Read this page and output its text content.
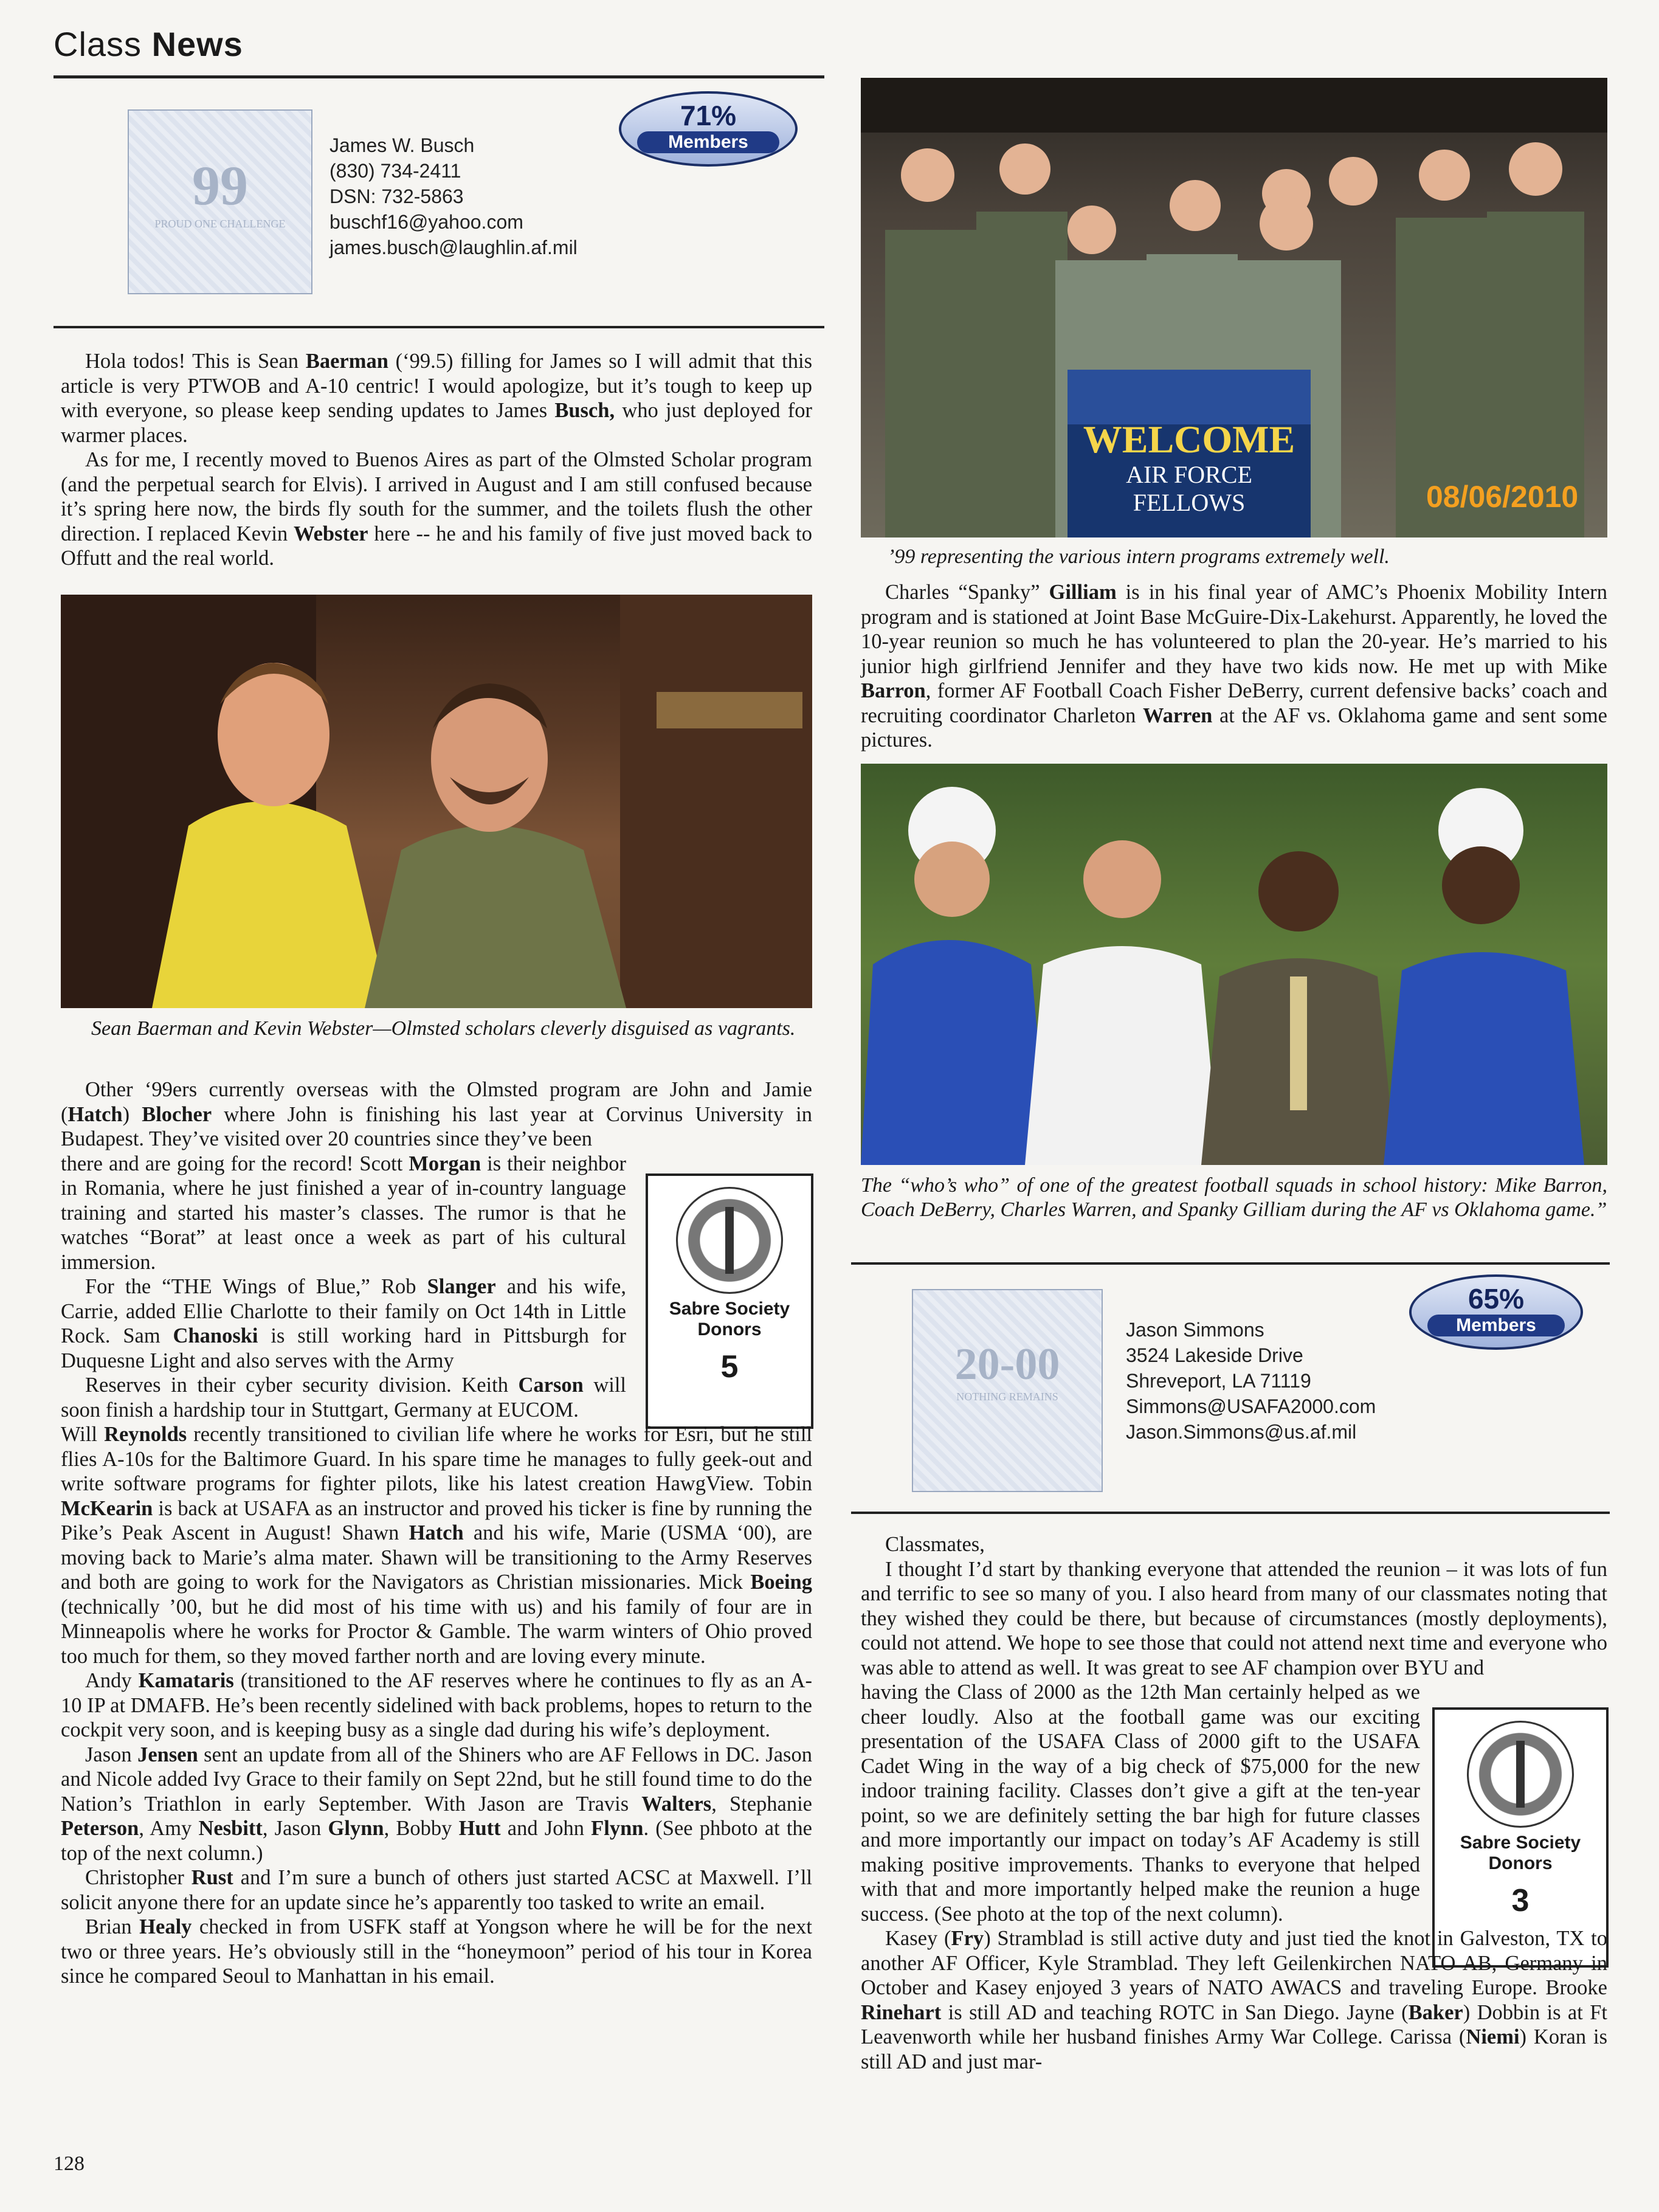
Class News
99
PROUD ONE CHALLENGE
James W. Busch
(830) 734-2411
DSN: 732-5863
buschf16@yahoo.com
james.busch@laughlin.af.mil
71%
Members

Hola todos! This is Sean Baerman (‘99.5) filling for James so I will admit that this article is very PTWOB and A-10 centric! I would apologize, but it’s tough to keep up with everyone, so please keep sending updates to James Busch, who just deployed for warmer places.

As for me, I recently moved to Buenos Aires as part of the Olmsted Scholar program (and the perpetual search for Elvis). I arrived in August and I am still confused because it’s spring here now, the birds fly south for the summer, and the toilets flush the other direction. I replaced Kevin Webster here -- he and his family of five just moved back to Offutt and the real world.

Sean Baerman and Kevin Webster—Olmsted scholars cleverly disguised as vagrants.
Sabre Society Donors
5

Other ‘99ers currently overseas with the Olmsted program are John and Jamie (Hatch) Blocher where John is finishing his last year at Corvinus University in Budapest. They’ve visited over 20 countries since they’ve been

there and are going for the record! Scott Morgan is their neighbor in Romania, where he just finished a year of in-country language training and started his master’s classes. The rumor is that he watches “Borat” at least once a week as part of his cultural immersion.
For the “THE Wings of Blue,” Rob Slanger and his wife, Carrie, added Ellie Charlotte to their family on Oct 14th in Little Rock. Sam Chanoski is still working hard in Pittsburgh for Duquesne Light and also serves with the Army
Reserves in their cyber security division. Keith Carson will soon finish a hardship tour in Stuttgart, Germany at EUCOM.
Will Reynolds recently transitioned to civilian life where he works for Esri, but he still flies A-10s for the Baltimore Guard. In his spare time he manages to fully geek-out and write software programs for fighter pilots, like his latest creation HawgView. Tobin McKearin is back at USAFA as an instructor and proved his ticker is fine by running the Pike’s Peak Ascent in August! Shawn Hatch and his wife, Marie (USMA ‘00), are moving back to Marie’s alma mater. Shawn will be transitioning to the Army Reserves and both are going to work for the Navigators as Christian missionaries. Mick Boeing (technically ’00, but he did most of his time with us) and his family of four are in Minneapolis where he works for Proctor & Gamble. The warm winters of Ohio proved too much for them, so they moved farther north and are loving every minute.

Andy Kamataris (transitioned to the AF reserves where he continues to fly as an A-10 IP at DMAFB. He’s been recently sidelined with back problems, hopes to return to the cockpit very soon, and is keeping busy as a single dad during his wife’s deployment.

Jason Jensen sent an update from all of the Shiners who are AF Fellows in DC. Jason and Nicole added Ivy Grace to their family on Sept 22nd, but he still found time to do the Nation’s Triathlon in early September. With Jason are Travis Walters, Stephanie Peterson, Amy Nesbitt, Jason Glynn, Bobby Hutt and John Flynn. (See phboto at the top of the next column.)

Christopher Rust and I’m sure a bunch of others just started ACSC at Maxwell. I’ll solicit anyone there for an update since he’s apparently too tasked to write an email.

Brian Healy checked in from USFK staff at Yongson where he will be for the next two or three years. He’s obviously still in the “honeymoon” period of his tour in Korea since he compared Seoul to Manhattan in his email.

WELCOME
AIR FORCE
FELLOWS	08/06/2010
’99 representing the various intern programs extremely well.

Charles “Spanky” Gilliam is in his final year of AMC’s Phoenix Mobility Intern program and is stationed at Joint Base McGuire-Dix-Lakehurst. Apparently, he loved the 10-year reunion so much he has volunteered to plan the 20-year. He’s married to his junior high girlfriend Jennifer and they have two kids now. He met up with Mike Barron, former AF Football Coach Fisher DeBerry, current defensive backs’ coach and recruiting coordinator Charleton Warren at the AF vs. Oklahoma game and sent some pictures.

The “who’s who” of one of the greatest football squads in school history: Mike Barron, Coach DeBerry, Charles Warren, and Spanky Gilliam during the AF vs Oklahoma game.”
20-00
NOTHING REMAINS
Jason Simmons
3524 Lakeside Drive
Shreveport, LA 71119
Simmons@USAFA2000.com
Jason.Simmons@us.af.mil
65%
Members
Sabre Society Donors
3

Classmates,

I thought I’d start by thanking everyone that attended the reunion – it was lots of fun and terrific to see so many of you. I also heard from many of our classmates noting that they wished they could be there, but because of circumstances (mostly deployments), could not attend. We hope to see those that could not attend next time and everyone who was able to attend as well. It was great to see AF champion over BYU and

having the Class of 2000 as the 12th Man certainly helped as we cheer loudly. Also at the football game was our exciting presentation of the USAFA Class of 2000 gift to the USAFA Cadet Wing in the way of a big check of $75,000 for the new indoor training facility. Classes don’t give a gift at the ten-year point, so we are definitely setting the bar high for future classes and more importantly our impact on today’s AF Academy is still making positive improvements. Thanks to everyone that helped with that and more importantly helped make the reunion a huge success. (See photo at the top of the next column).

Kasey (Fry) Stramblad is still active duty and just tied the knot in Galveston, TX to another AF Officer, Kyle Stramblad. They left Geilenkirchen NATO AB, Germany in October and Kasey enjoyed 3 years of NATO AWACS and traveling Europe. Brooke Rinehart is still AD and teaching ROTC in San Diego. Jayne (Baker) Dobbin is at Ft Leavenworth while her husband finishes Army War College. Carissa (Niemi) Koran is still AD and just mar-

128
